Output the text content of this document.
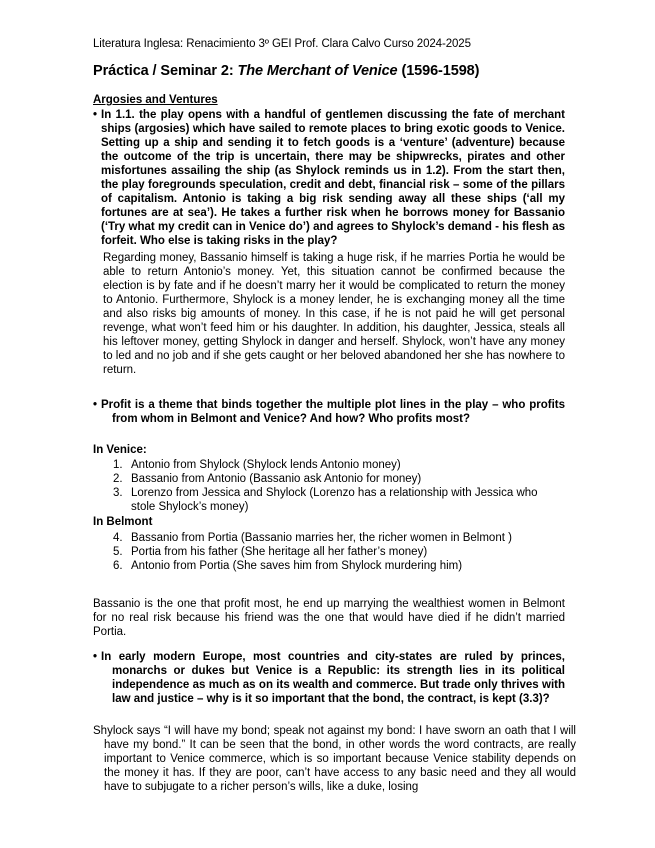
Literatura Inglesa: Renacimiento 3º GEI Prof. Clara Calvo Curso 2024-2025
Práctica / Seminar 2: The Merchant of Venice (1596-1598)
Argosies and Ventures
• In 1.1. the play opens with a handful of gentlemen discussing the fate of merchant ships (argosies) which have sailed to remote places to bring exotic goods to Venice. Setting up a ship and sending it to fetch goods is a ‘venture’ (adventure) because the outcome of the trip is uncertain, there may be shipwrecks, pirates and other misfortunes assailing the ship (as Shylock reminds us in 1.2). From the start then, the play foregrounds speculation, credit and debt, financial risk – some of the pillars of capitalism. Antonio is taking a big risk sending away all these ships (‘all my fortunes are at sea’). He takes a further risk when he borrows money for Bassanio (‘Try what my credit can in Venice do’) and agrees to Shylock’s demand - his flesh as forfeit. Who else is taking risks in the play?
Regarding money, Bassanio himself is taking a huge risk, if he marries Portia he would be able to return Antonio’s money. Yet, this situation cannot be confirmed because the election is by fate and if he doesn’t marry her it would be complicated to return the money to Antonio. Furthermore, Shylock is a money lender, he is exchanging money all the time and also risks big amounts of money. In this case, if he is not paid he will get personal revenge, what won’t feed him or his daughter. In addition, his daughter, Jessica, steals all his leftover money, getting Shylock in danger and herself. Shylock, won’t have any money to led and no job and if she gets caught or her beloved abandoned her she has nowhere to return.
• Profit is a theme that binds together the multiple plot lines in the play – who profits from whom in Belmont and Venice? And how? Who profits most?
In Venice:
1. Antonio from Shylock (Shylock lends Antonio money)
2. Bassanio from Antonio (Bassanio ask Antonio for money)
3. Lorenzo from Jessica and Shylock (Lorenzo has a relationship with Jessica who stole Shylock’s money)
In Belmont
4. Bassanio from Portia (Bassanio marries her, the richer women in Belmont )
5. Portia from his father (She heritage all her father’s money)
6. Antonio from Portia (She saves him from Shylock murdering him)
Bassanio is the one that profit most, he end up marrying the wealthiest women in Belmont for no real risk because his friend was the one that would have died if he didn’t married Portia.
• In early modern Europe, most countries and city-states are ruled by princes, monarchs or dukes but Venice is a Republic: its strength lies in its political independence as much as on its wealth and commerce. But trade only thrives with law and justice – why is it so important that the bond, the contract, is kept (3.3)?
Shylock says “I will have my bond; speak not against my bond: I have sworn an oath that I will have my bond.” It can be seen that the bond, in other words the word contracts, are really important to Venice commerce, which is so important because Venice stability depends on the money it has. If they are poor, can’t have access to any basic need and they all would have to subjugate to a richer person’s wills, like a duke, losing
